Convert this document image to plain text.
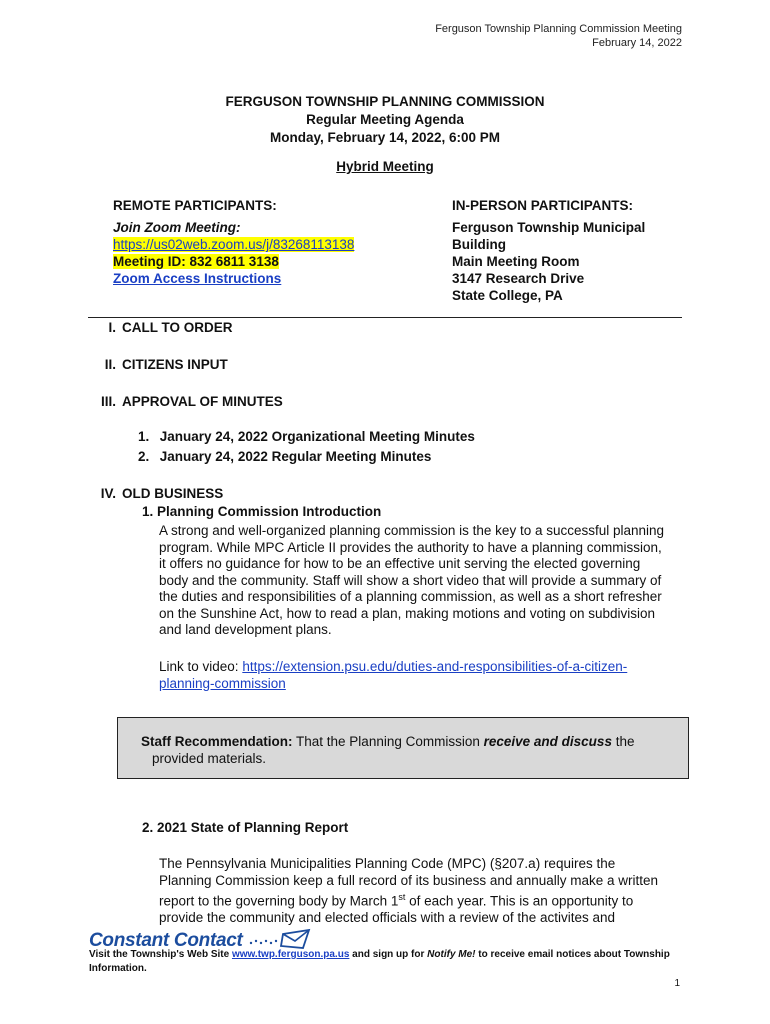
Ferguson Township Planning Commission Meeting
February 14, 2022
FERGUSON TOWNSHIP PLANNING COMMISSION
Regular Meeting Agenda
Monday, February 14, 2022, 6:00 PM
Hybrid Meeting
REMOTE PARTICIPANTS:
Join Zoom Meeting:
https://us02web.zoom.us/j/83268113138
Meeting ID: 832 6811 3138
Zoom Access Instructions
IN-PERSON PARTICIPANTS:
Ferguson Township Municipal
Building
Main Meeting Room
3147 Research Drive
State College, PA
I. CALL TO ORDER
II. CITIZENS INPUT
III. APPROVAL OF MINUTES
1. January 24, 2022 Organizational Meeting Minutes
2. January 24, 2022 Regular Meeting Minutes
IV. OLD BUSINESS
1. Planning Commission Introduction
A strong and well-organized planning commission is the key to a successful planning
program. While MPC Article II provides the authority to have a planning commission,
it offers no guidance for how to be an effective unit serving the elected governing
body and the community. Staff will show a short video that will provide a summary of
the duties and responsibilities of a planning commission, as well as a short refresher
on the Sunshine Act, how to read a plan, making motions and voting on subdivision
and land development plans.
Link to video: https://extension.psu.edu/duties-and-responsibilities-of-a-citizen-
planning-commission
Staff Recommendation: That the Planning Commission receive and discuss the
provided materials.
2. 2021 State of Planning Report
The Pennsylvania Municipalities Planning Code (MPC) (§207.a) requires the
Planning Commission keep a full record of its business and annually make a written
report to the governing body by March 1st of each year. This is an opportunity to
provide the community and elected officials with a review of the activites and
Constant Contact
Visit the Township's Web Site www.twp.ferguson.pa.us and sign up for Notify Me! to receive email notices about Township
Information.
1
